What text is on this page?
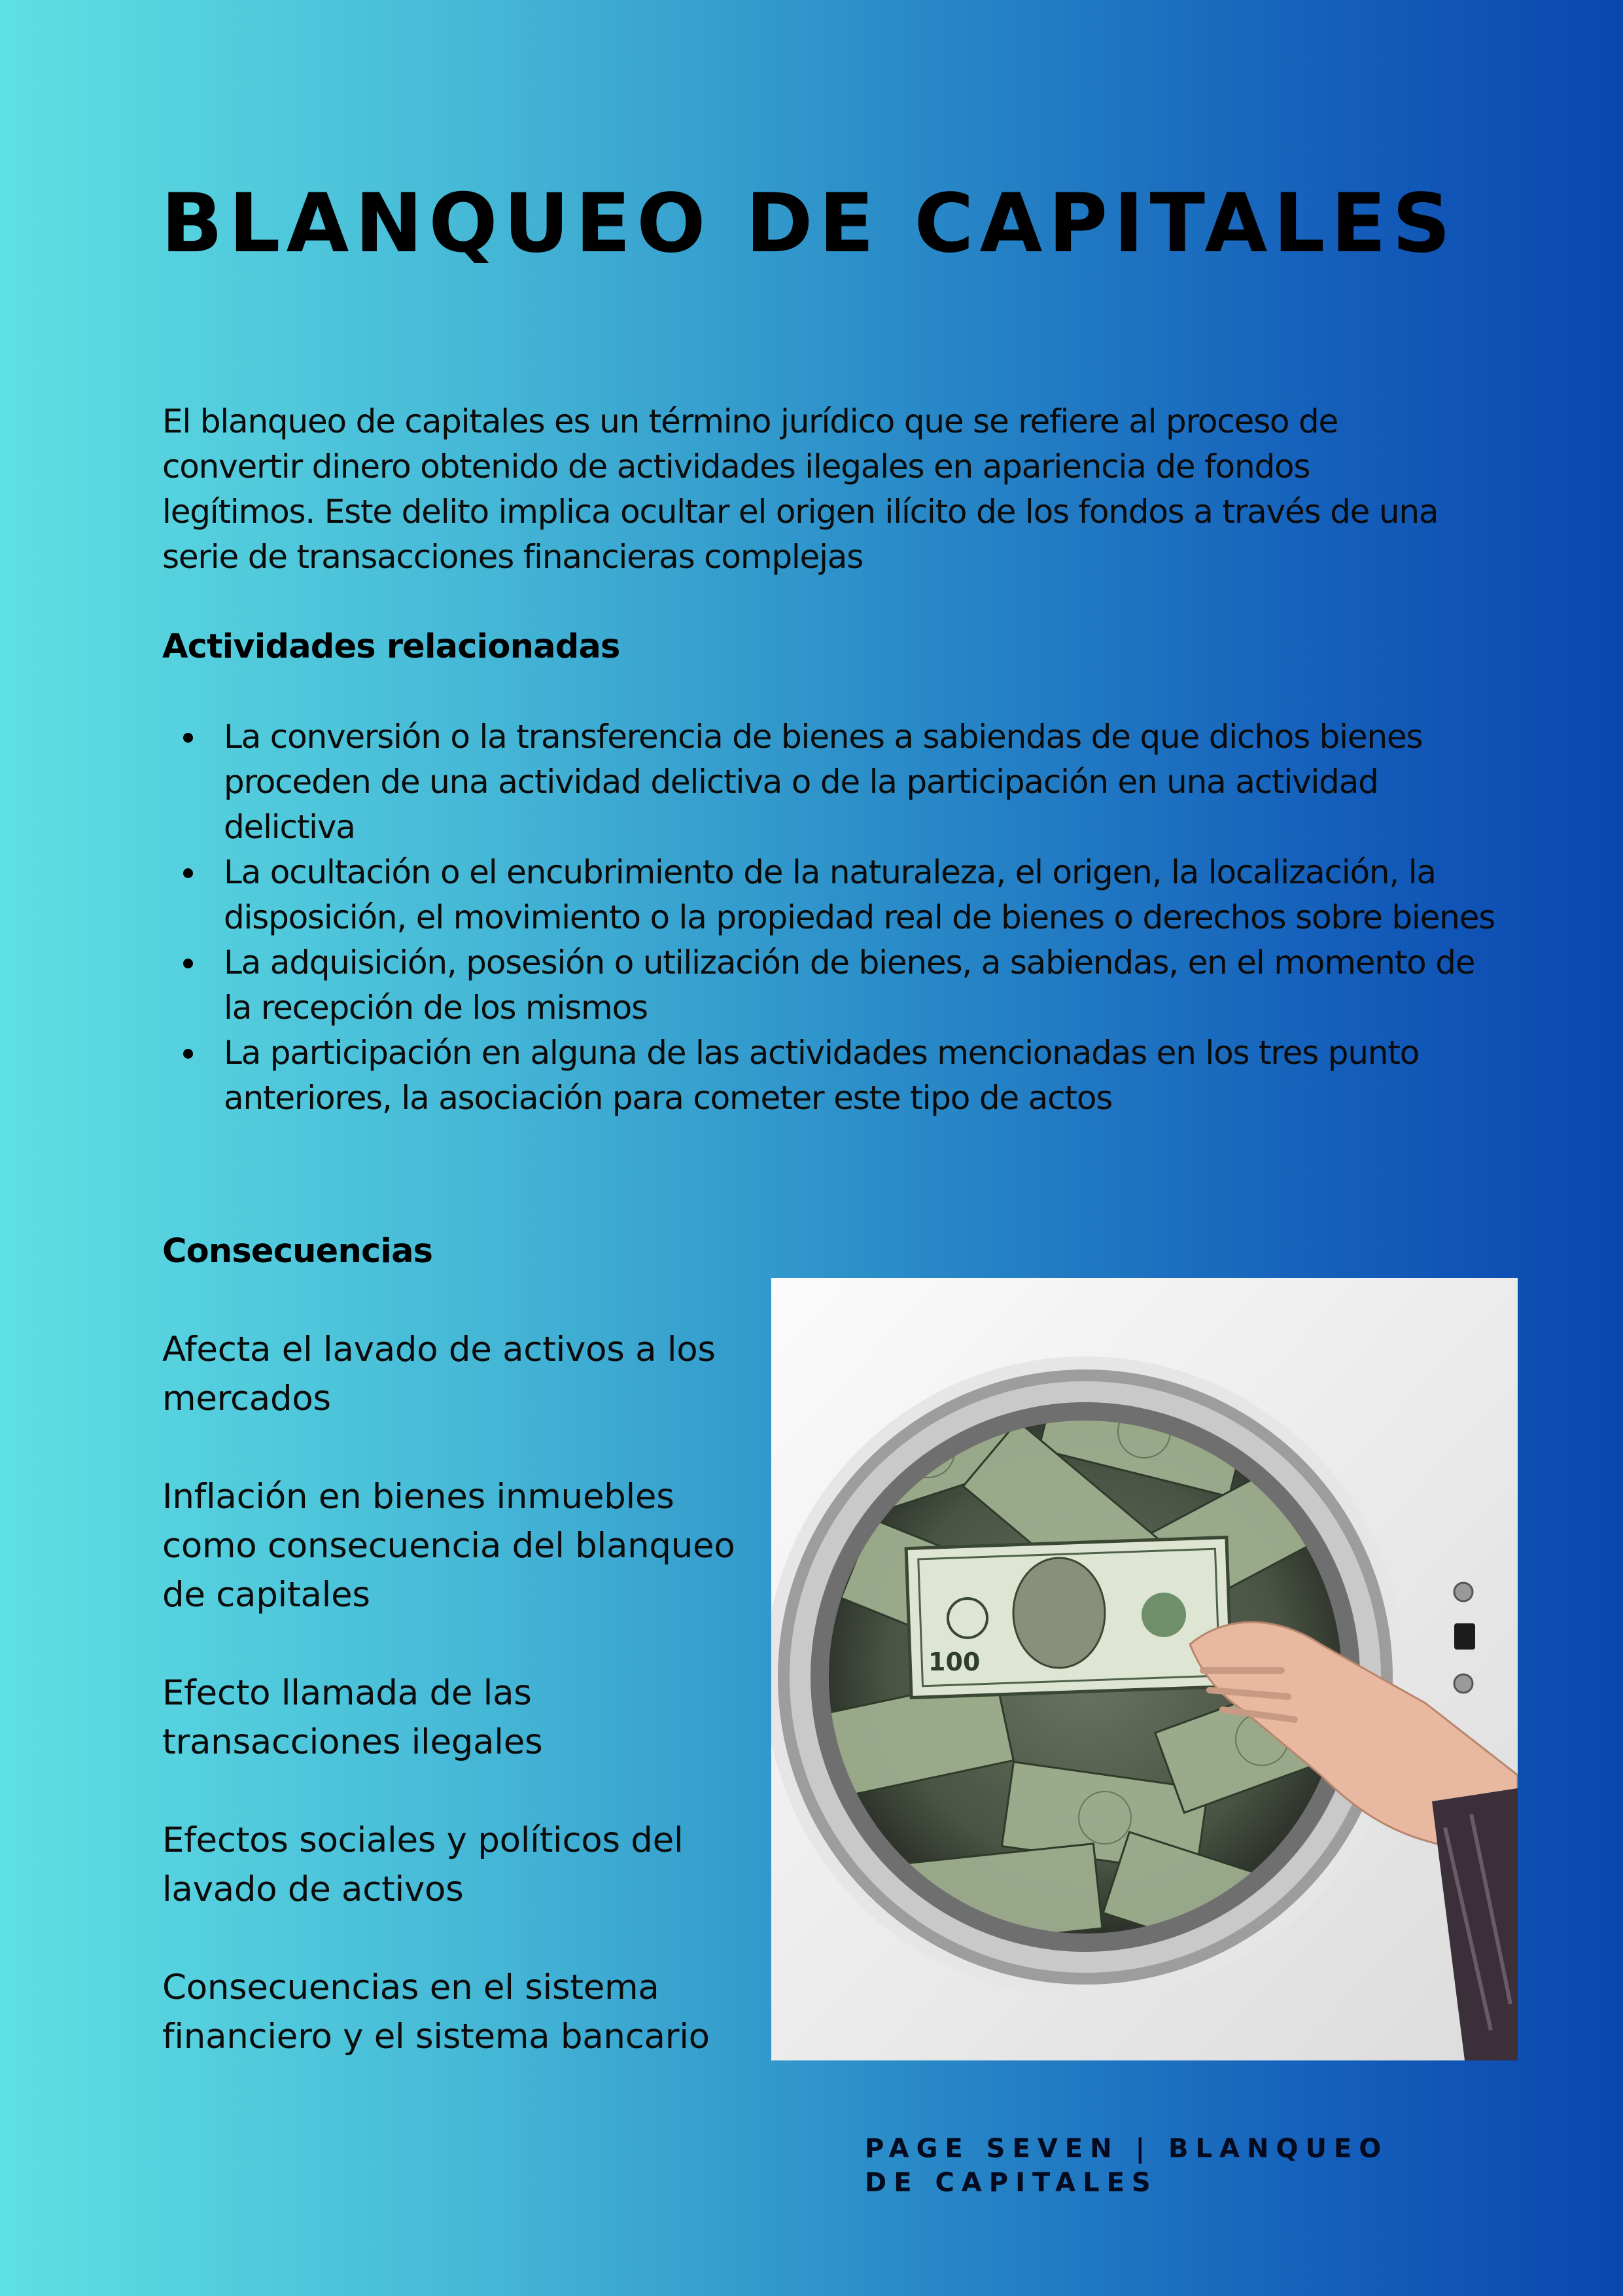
BLANQUEO DE CAPITALES

El blanqueo de capitales es un término jurídico que se refiere al proceso de convertir dinero obtenido de actividades ilegales en apariencia de fondos legítimos. Este delito implica ocultar el origen ilícito de los fondos a través de una serie de transacciones financieras complejas

Actividades relacionadas
La conversión o la transferencia de bienes a sabiendas de que dichos bienes proceden de una actividad delictiva o de la participación en una actividad delictiva
La ocultación o el encubrimiento de la naturaleza, el origen, la localización, la disposición, el movimiento o la propiedad real de bienes o derechos sobre bienes
La adquisición, posesión o utilización de bienes, a sabiendas, en el momento de la recepción de los mismos
La participación en alguna de las actividades mencionadas en los tres punto anteriores, la asociación para cometer este tipo de actos
Consecuencias

Afecta el lavado de activos a los mercados

Inflación en bienes inmuebles como consecuencia del blanqueo de capitales

Efecto llamada de las transacciones ilegales

Efectos sociales y políticos del lavado de activos

Consecuencias en el sistema financiero y el sistema bancario

100

PAGE SEVEN | BLANQUEO DE CAPITALES
